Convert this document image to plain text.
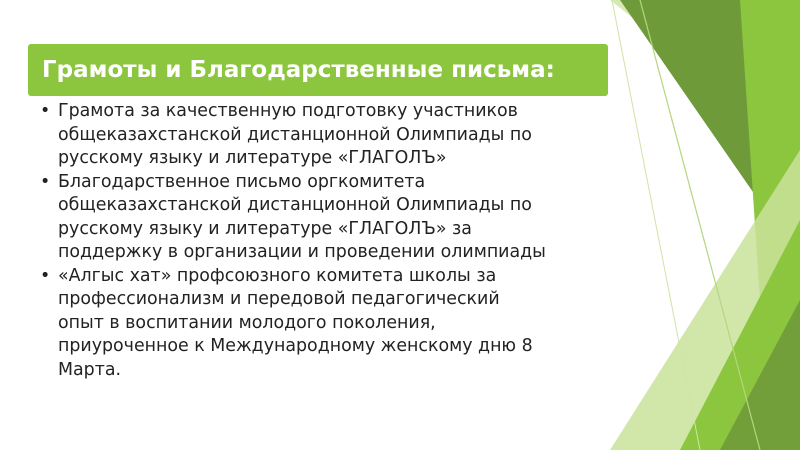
Грамоты и Благодарственные письма:
• Грамота за качественную подготовку участников
общеказахстанской дистанционной Олимпиады по
русскому языку и литературе «ГЛАГОЛЪ»
• Благодарственное письмо оргкомитета
общеказахстанской дистанционной Олимпиады по
русскому языку и литературе «ГЛАГОЛЪ» за
поддержку в организации и проведении олимпиады
• «Алгыс хат» профсоюзного комитета школы за
профессионализм и передовой педагогический
опыт в воспитании молодого поколения,
приуроченное к Международному женскому дню 8
Марта.
